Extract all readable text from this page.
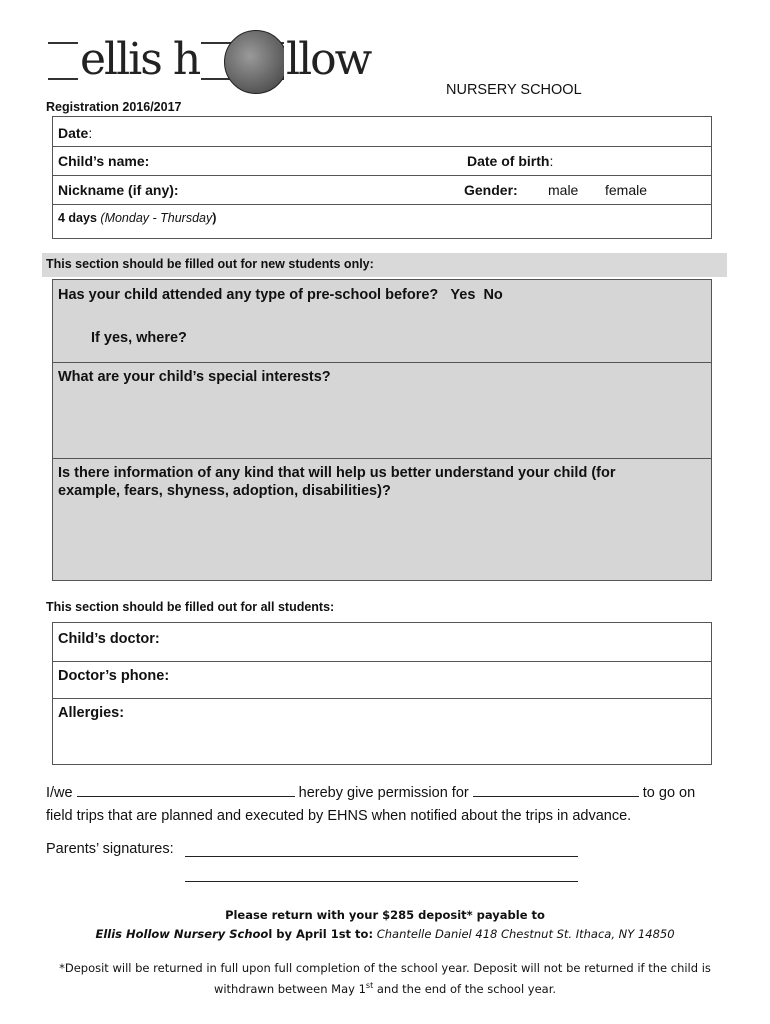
ellis h llow
NURSERY SCHOOL
Registration 2016/2017
Date:
Child’s name:	Date of birth:
Nickname (if any):	Gender: male female
4 days (Monday - Thursday)
This section should be filled out for new students only:
Has your child attended any type of pre-school before? Yes No
If yes, where?
What are your child’s special interests?
Is there information of any kind that will help us better understand your child (for
example, fears, shyness, adoption, disabilities)?
This section should be filled out for all students:
Child’s doctor:
Doctor’s phone:
Allergies:
I/we	hereby give permission for	to go on
field trips that are planned and executed by EHNS when notified about the trips in advance.
Parents’ signatures:
Please return with your $285 deposit* payable to
Ellis Hollow Nursery School by April 1st to: Chantelle Daniel 418 Chestnut St. Ithaca, NY 14850
*Deposit will be returned in full upon full completion of the school year. Deposit will not be returned if the child is
withdrawn between May 1st and the end of the school year.
